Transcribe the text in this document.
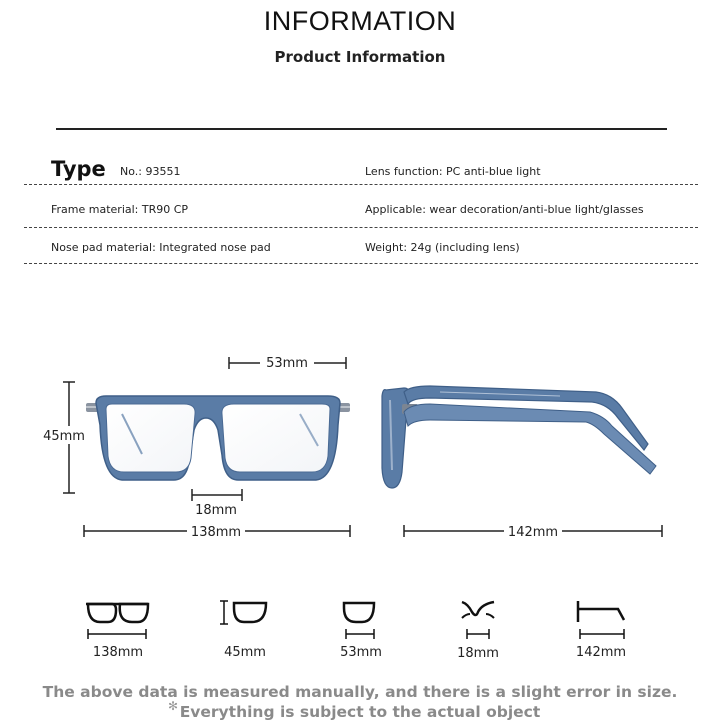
INFORMATION
Product Information
Type No.: 93551	Lens function: PC anti-blue light
Frame material: TR90 CP	Applicable: wear decoration/anti-blue light/glasses
Nose pad material: Integrated nose pad	Weight: 24g (including lens)
53mm
45mm
18mm
138mm	142mm
138mm	45mm	53mm	18mm	142mm
✻
The above data is measured manually, and there is a slight error in size.
Everything is subject to the actual object
